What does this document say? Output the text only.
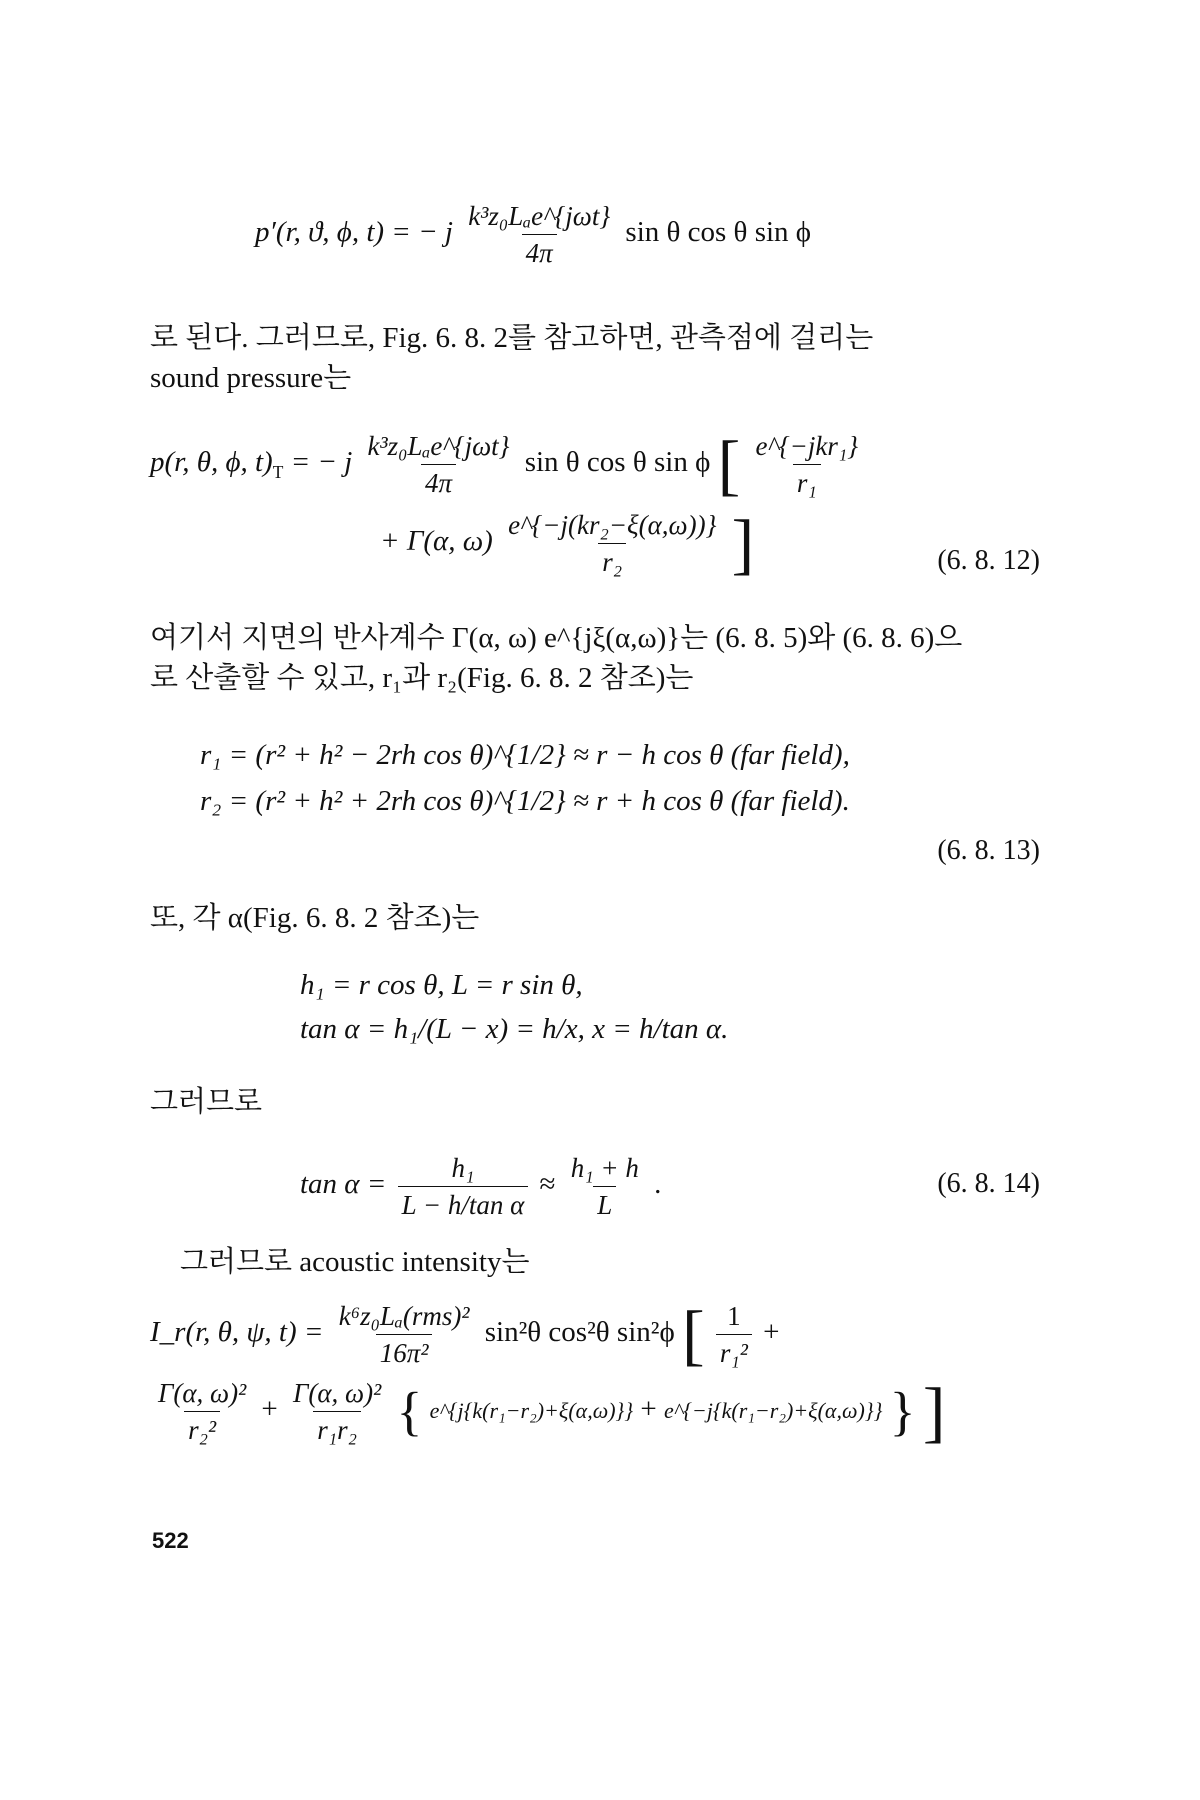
p′(r, ϑ, ϕ, t) = − j $\frac{\text{k³z₀Lₐe\textasciicircum{}\{jωt\}}}{4\pi}$ sin θ cos θ sin ϕ
로 된다. 그러므로, Fig. 6. 8. 2를 참고하면, 관측점에 걸리는
sound pressure는
p(r, θ, ϕ, $t)_T$ = − j $\frac{\text{k³z₀Lₐe\textasciicircum{}\{jωt\}}}{4\pi}$ sin θ cos θ sin ϕ [ $\frac{\text{e\textasciicircum{}\{−jkr₁\}}}{\text{r₁}}$
+ Γ(α, $\omega) \frac{\text{e\textasciicircum{}\{−j(kr₂−ξ(α,ω))\}}}{\text{r₂}}$ ]	(6. 8. 12)
여기서 지면의 반사계수 Γ(α, ω) e^{jξ(α,ω)}는 (6. 8. 5)와 (6. 8. 6)으
로 산출할 수 있고, r₁과 r₂(Fig. 6. 8. 2 참조)는
r₁ = (r² + h² − 2rh cos θ)^{1/2} ≈ r − h cos θ (far field),
r₂ = (r² + h² + 2rh cos θ)^{1/2} ≈ r + h cos θ (far field).
(6. 8. 13)
또, 각 α(Fig. 6. 8. 2 참조)는
h₁ = r cos θ, L = r sin θ,
tan α = h₁/(L − x) = h/x, x = h/tan α.
그러므로
$\tan \alpha = \frac{\text{h₁}}{\text{L − h/tan α}} \approx \frac{\text{h₁ + h}}{L}$ .	(6. 8. 14)
그러므로 acoustic intensity는
I_r(r, θ, ψ, $t) = \frac{\text{k⁶z₀Lₐ(rms)²}}{\text{16π²}} \sin^2\theta$ cos²θ sin²ϕ [ $\frac{1}{\text{r₁²}}$ +
$\frac{\text{Γ(α, ω)²}}{\text{r₂²}} + \frac{\text{Γ(α, ω)²}}{\text{r₁r₂}}$ { e^{j{k(r₁−r₂)+ξ(α,ω)}} + e^{−j{k(r₁−r₂)+ξ(α,ω)}} } ]
522
